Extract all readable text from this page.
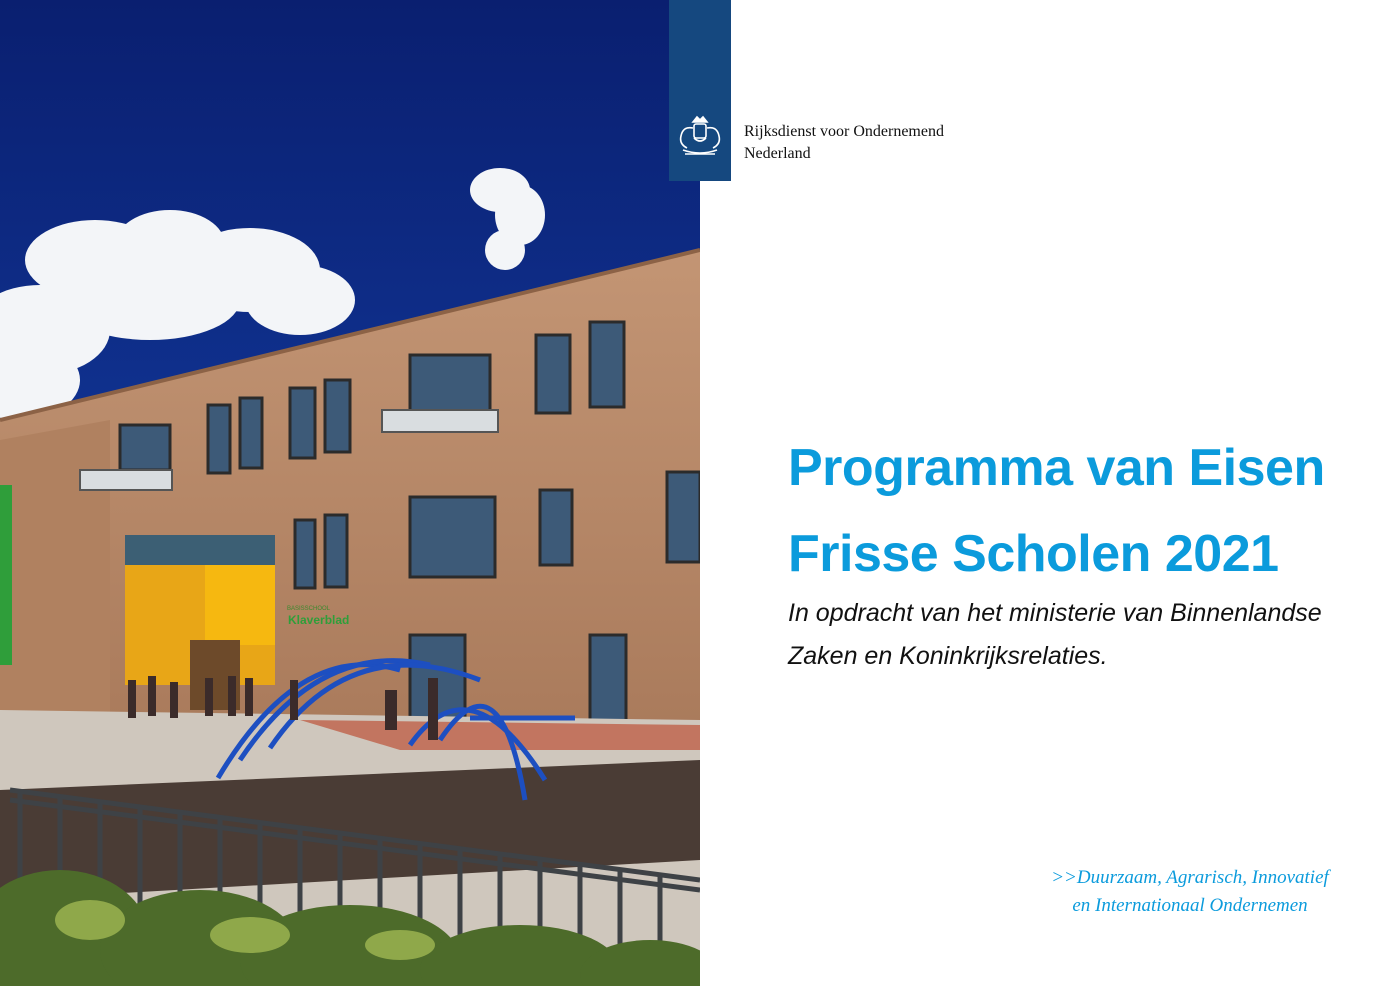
BASISSCHOOL
Klaverblad
Rijksdienst voor Ondernemend
Nederland
Programma van Eisen
Frisse Scholen 2021
In opdracht van het ministerie van Binnenlandse
Zaken en Koninkrijksrelaties.
>>Duurzaam, Agrarisch, Innovatief
en Internationaal Ondernemen
